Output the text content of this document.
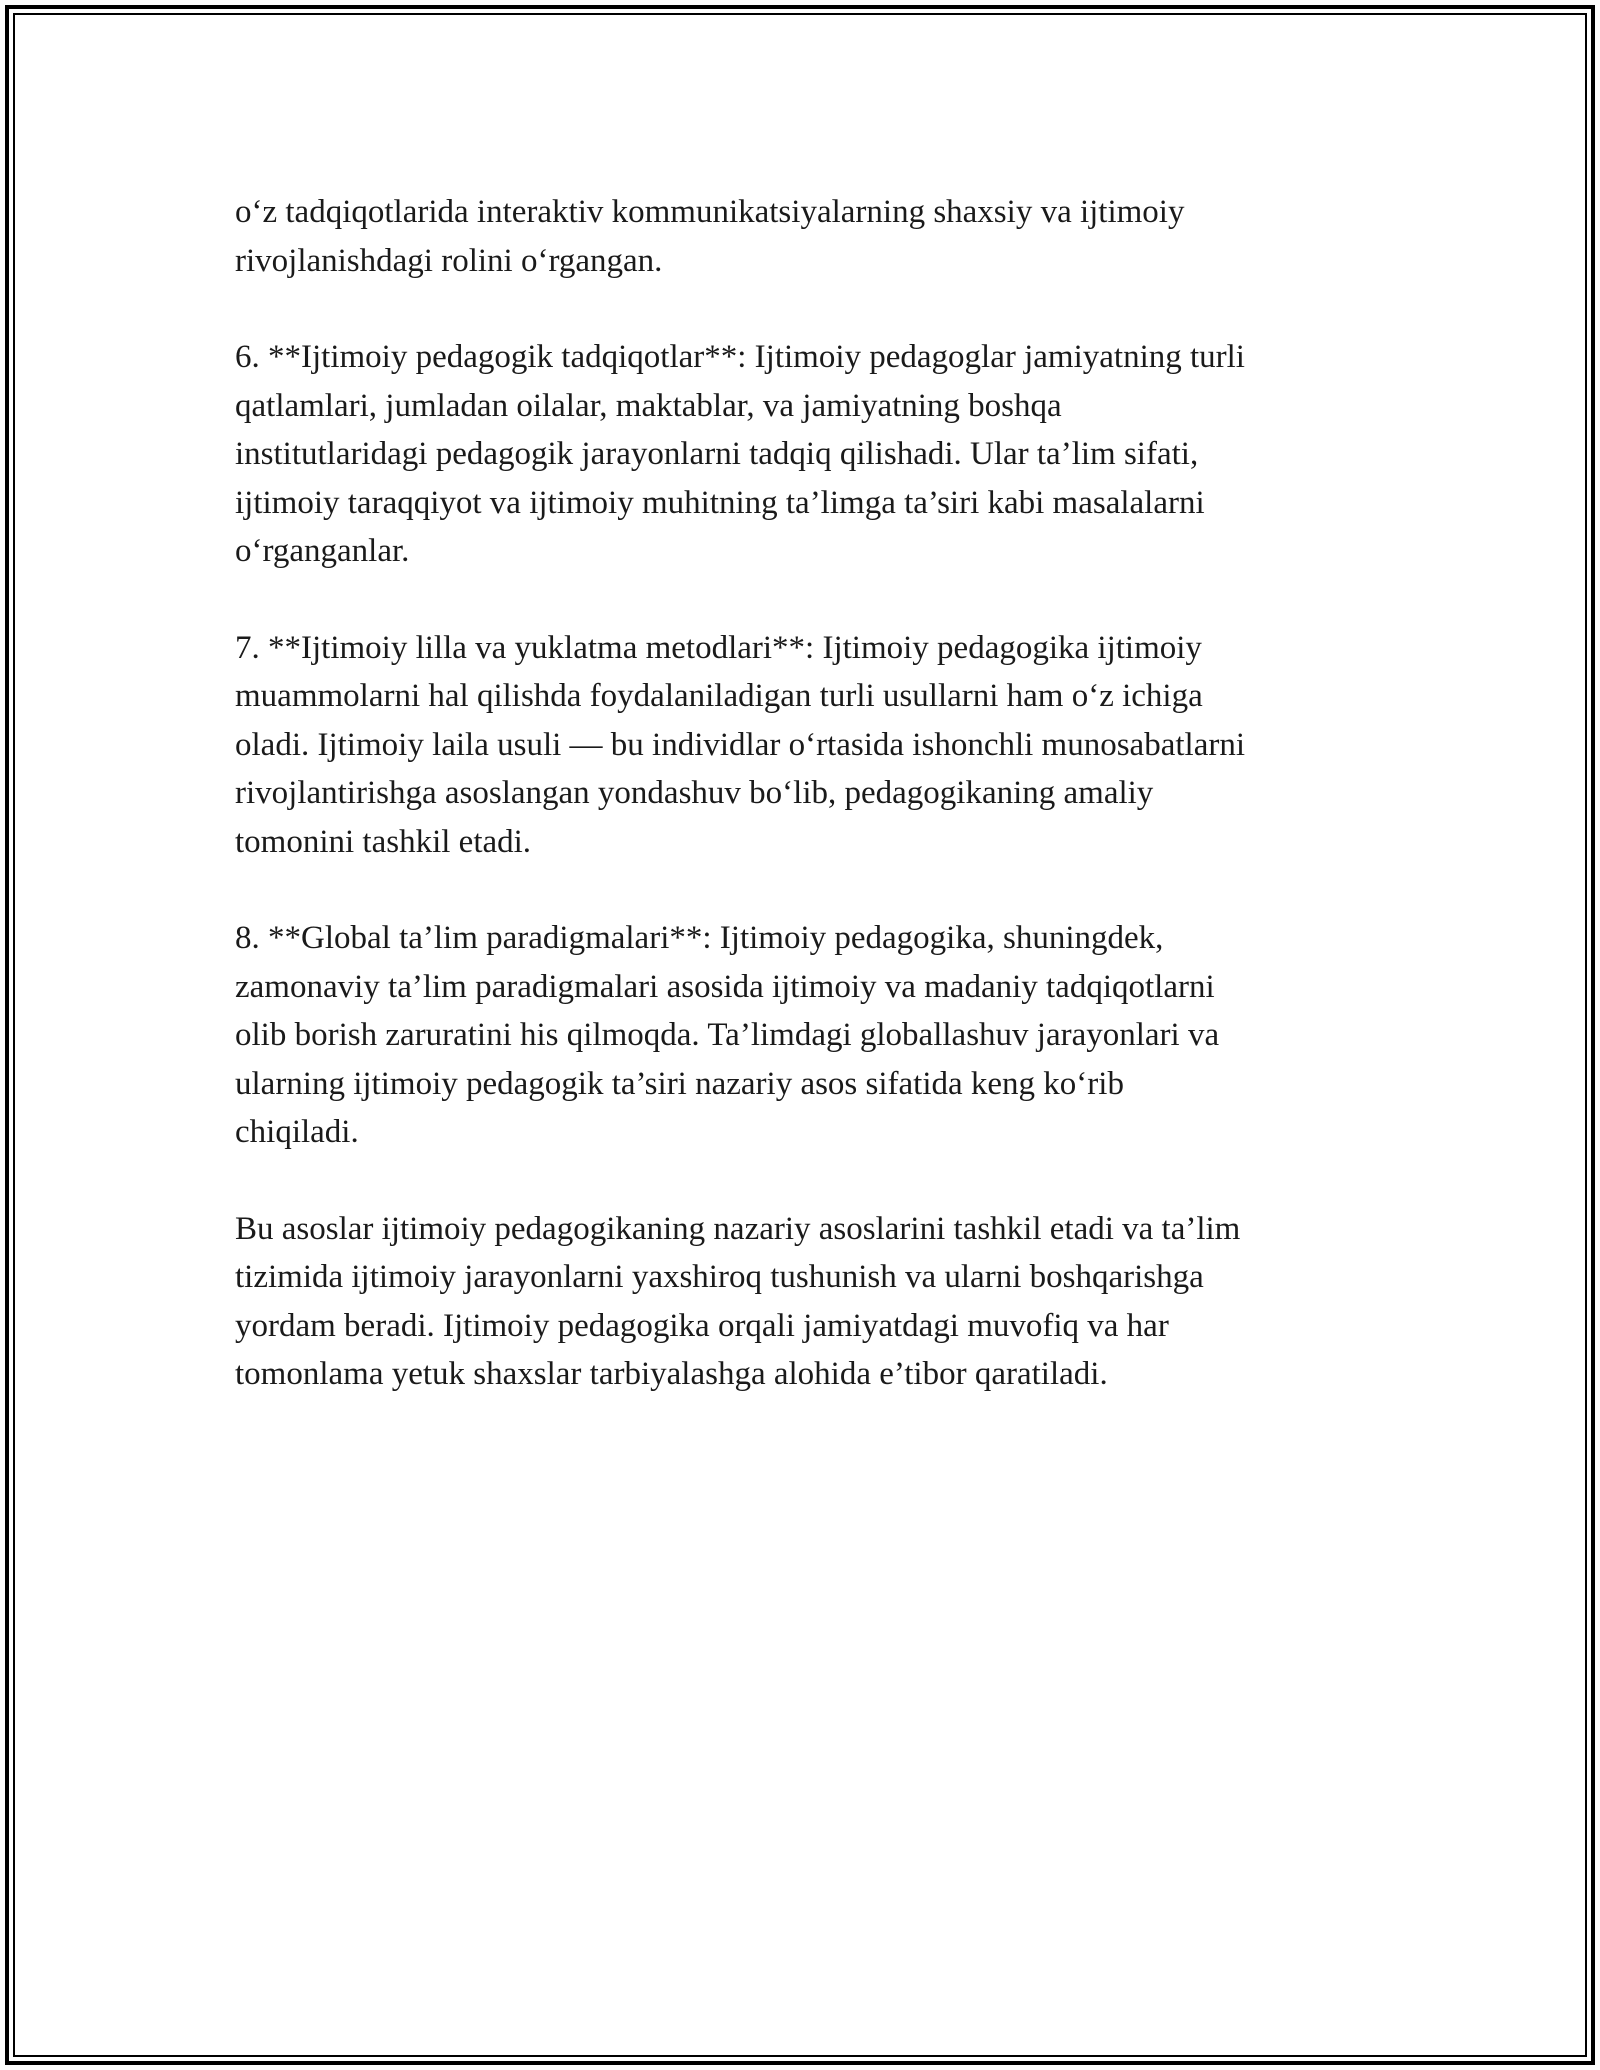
o‘z tadqiqotlarida interaktiv kommunikatsiyalarning shaxsiy va ijtimoiy
rivojlanishdagi rolini o‘rgangan.

6. **Ijtimoiy pedagogik tadqiqotlar**: Ijtimoiy pedagoglar jamiyatning turli
qatlamlari, jumladan oilalar, maktablar, va jamiyatning boshqa
institutlaridagi pedagogik jarayonlarni tadqiq qilishadi. Ular ta’lim sifati,
ijtimoiy taraqqiyot va ijtimoiy muhitning ta’limga ta’siri kabi masalalarni
o‘rganganlar.

7. **Ijtimoiy lilla va yuklatma metodlari**: Ijtimoiy pedagogika ijtimoiy
muammolarni hal qilishda foydalaniladigan turli usullarni ham o‘z ichiga
oladi. Ijtimoiy laila usuli — bu individlar o‘rtasida ishonchli munosabatlarni
rivojlantirishga asoslangan yondashuv bo‘lib, pedagogikaning amaliy
tomonini tashkil etadi.

8. **Global ta’lim paradigmalari**: Ijtimoiy pedagogika, shuningdek,
zamonaviy ta’lim paradigmalari asosida ijtimoiy va madaniy tadqiqotlarni
olib borish zaruratini his qilmoqda. Ta’limdagi globallashuv jarayonlari va
ularning ijtimoiy pedagogik ta’siri nazariy asos sifatida keng ko‘rib
chiqiladi.

Bu asoslar ijtimoiy pedagogikaning nazariy asoslarini tashkil etadi va ta’lim
tizimida ijtimoiy jarayonlarni yaxshiroq tushunish va ularni boshqarishga
yordam beradi. Ijtimoiy pedagogika orqali jamiyatdagi muvofiq va har
tomonlama yetuk shaxslar tarbiyalashga alohida e’tibor qaratiladi.
